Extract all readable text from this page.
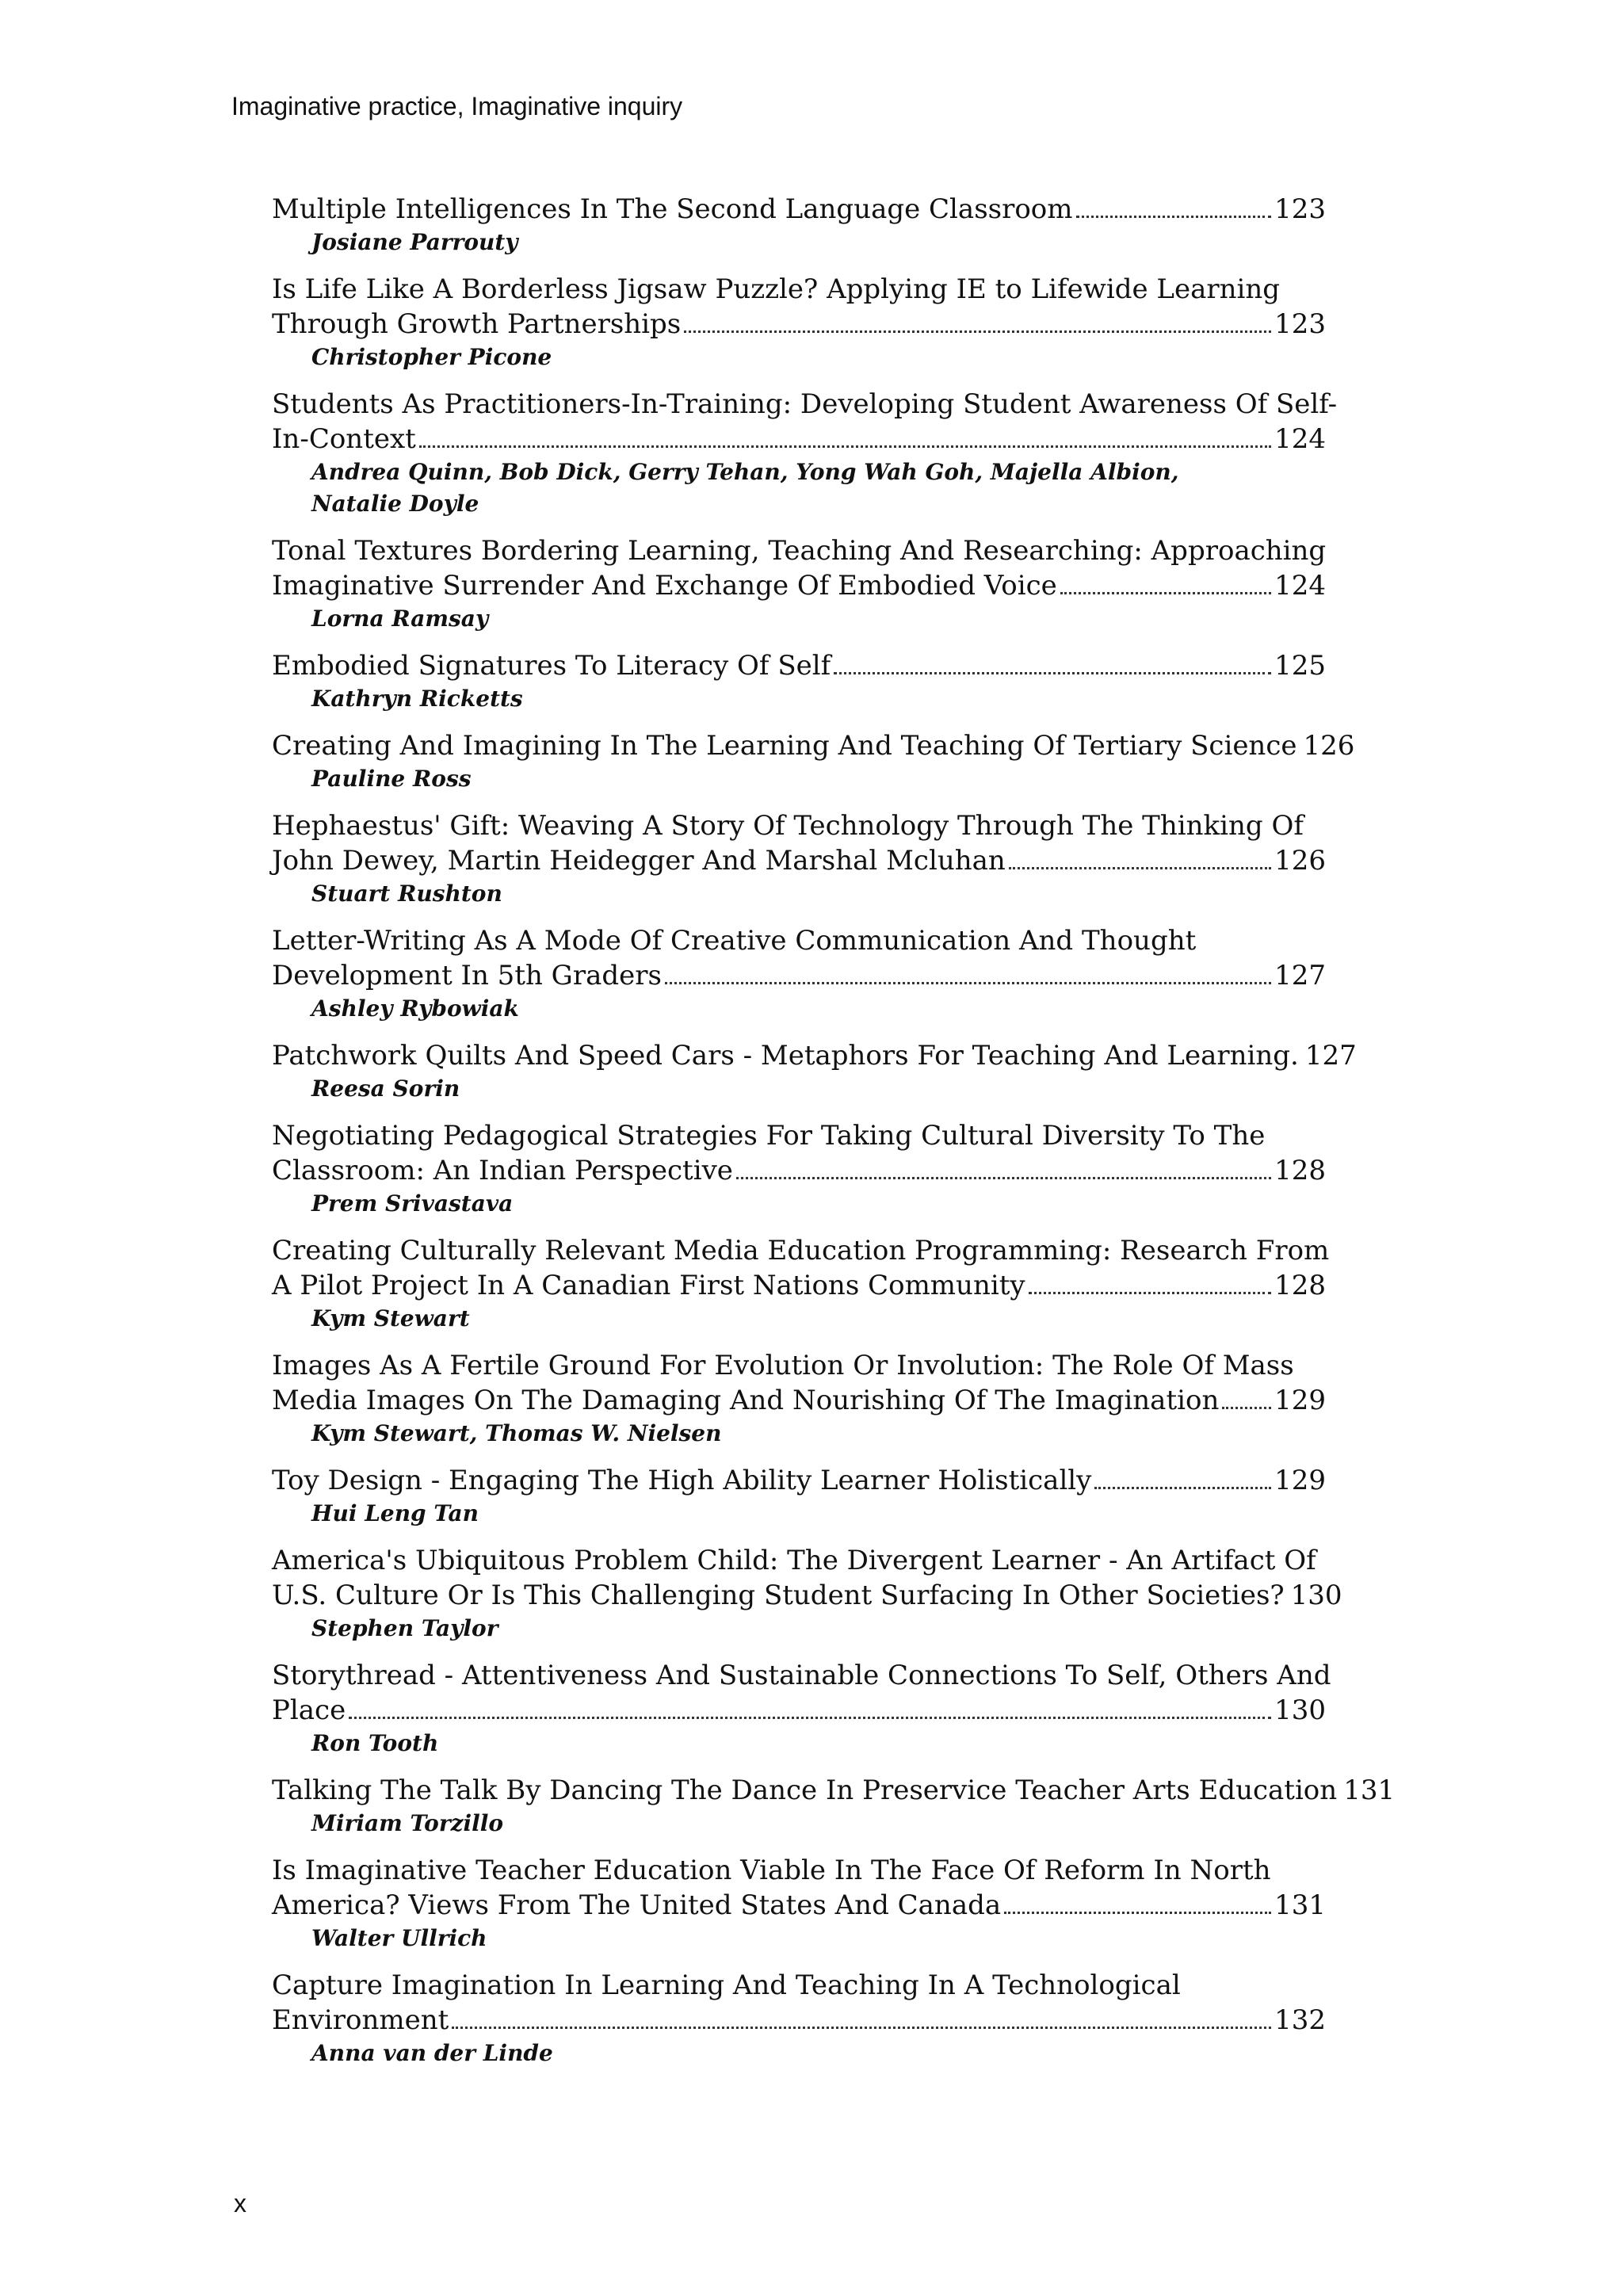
Imaginative practice, Imaginative inquiry
Multiple Intelligences In The Second Language Classroom	123
Josiane Parrouty
Is Life Like A Borderless Jigsaw Puzzle? Applying IE to Lifewide Learning
Through Growth Partnerships	123
Christopher Picone
Students As Practitioners-In-Training: Developing Student Awareness Of Self-
In-Context	124
Andrea Quinn, Bob Dick, Gerry Tehan, Yong Wah Goh, Majella Albion,
Natalie Doyle
Tonal Textures Bordering Learning, Teaching And Researching: Approaching
Imaginative Surrender And Exchange Of Embodied Voice	124
Lorna Ramsay
Embodied Signatures To Literacy Of Self	125
Kathryn Ricketts
Creating And Imagining In The Learning And Teaching Of Tertiary Science 126
Pauline Ross
Hephaestus' Gift: Weaving A Story Of Technology Through The Thinking Of
John Dewey, Martin Heidegger And Marshal Mcluhan	126
Stuart Rushton
Letter-Writing As A Mode Of Creative Communication And Thought
Development In 5th Graders	127
Ashley Rybowiak
Patchwork Quilts And Speed Cars - Metaphors For Teaching And Learning. 127
Reesa Sorin
Negotiating Pedagogical Strategies For Taking Cultural Diversity To The
Classroom: An Indian Perspective	128
Prem Srivastava
Creating Culturally Relevant Media Education Programming: Research From
A Pilot Project In A Canadian First Nations Community	128
Kym Stewart
Images As A Fertile Ground For Evolution Or Involution: The Role Of Mass
Media Images On The Damaging And Nourishing Of The Imagination 129
Kym Stewart, Thomas W. Nielsen
Toy Design - Engaging The High Ability Learner Holistically	129
Hui Leng Tan
America's Ubiquitous Problem Child: The Divergent Learner - An Artifact Of
U.S. Culture Or Is This Challenging Student Surfacing In Other Societies? 130
Stephen Taylor
Storythread - Attentiveness And Sustainable Connections To Self, Others And
Place	130
Ron Tooth
Talking The Talk By Dancing The Dance In Preservice Teacher Arts Education 131
Miriam Torzillo
Is Imaginative Teacher Education Viable In The Face Of Reform In North
America? Views From The United States And Canada	131
Walter Ullrich
Capture Imagination In Learning And Teaching In A Technological
Environment	132
Anna van der Linde
x
